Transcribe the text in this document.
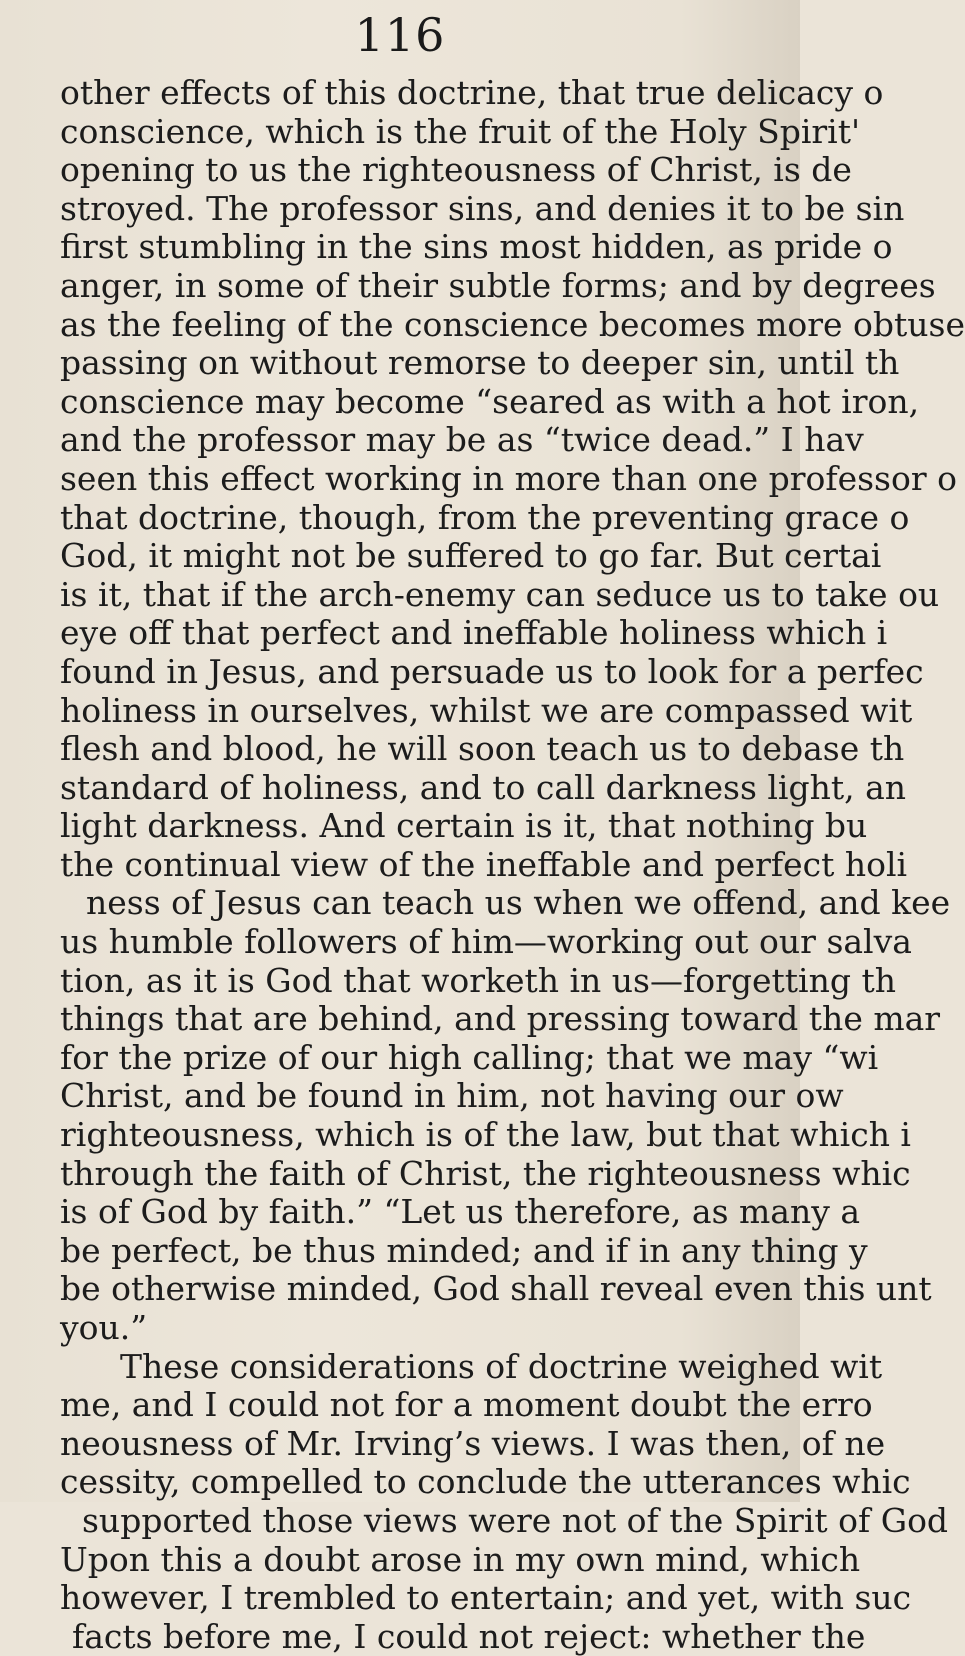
116
other effects of this doctrine, that true delicacy o
conscience, which is the fruit of the Holy Spirit'
opening to us the righteousness of Christ, is de
stroyed. The professor sins, and denies it to be sin
first stumbling in the sins most hidden, as pride o
anger, in some of their subtle forms; and by degrees
as the feeling of the conscience becomes more obtuse
passing on without remorse to deeper sin, until th
conscience may become “seared as with a hot iron,
and the professor may be as “twice dead.” I hav
seen this effect working in more than one professor o
that doctrine, though, from the preventing grace o
God, it might not be suffered to go far. But certai
is it, that if the arch-enemy can seduce us to take ou
eye off that perfect and ineffable holiness which i
found in Jesus, and persuade us to look for a perfec
holiness in ourselves, whilst we are compassed wit
flesh and blood, he will soon teach us to debase th
standard of holiness, and to call darkness light, an
light darkness. And certain is it, that nothing bu
the continual view of the ineffable and perfect holi
ness of Jesus can teach us when we offend, and kee
us humble followers of him—working out our salva
tion, as it is God that worketh in us—forgetting th
things that are behind, and pressing toward the mar
for the prize of our high calling; that we may “wi
Christ, and be found in him, not having our ow
righteousness, which is of the law, but that which i
through the faith of Christ, the righteousness whic
is of God by faith.” “Let us therefore, as many a
be perfect, be thus minded; and if in any thing y
be otherwise minded, God shall reveal even this unt
you.”
These considerations of doctrine weighed wit
me, and I could not for a moment doubt the erro
neousness of Mr. Irving’s views. I was then, of ne
cessity, compelled to conclude the utterances whic
supported those views were not of the Spirit of God
Upon this a doubt arose in my own mind, which
however, I trembled to entertain; and yet, with suc
facts before me, I could not reject: whether the
